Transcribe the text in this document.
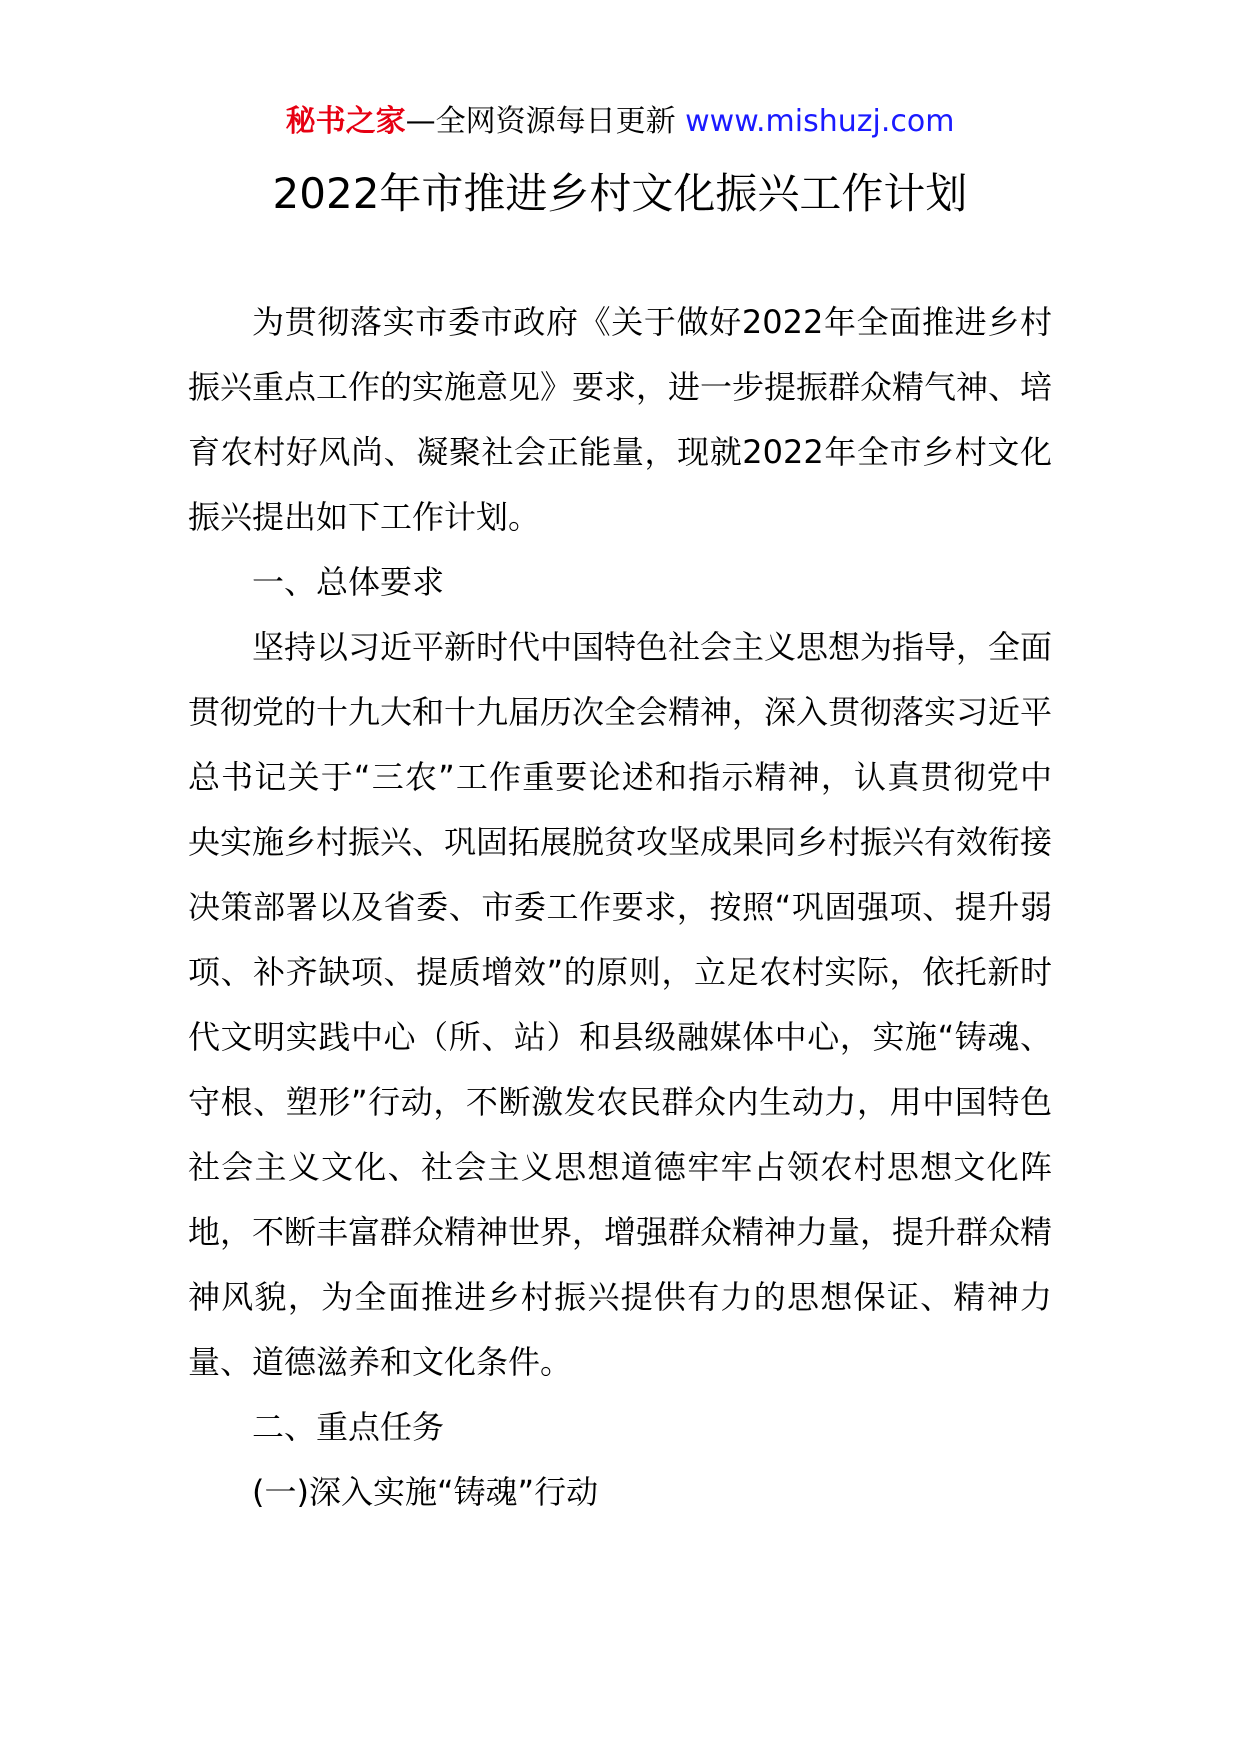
秘书之家—全网资源每日更新 www.mishuzj.com
2022年市推进乡村文化振兴工作计划

为贯彻落实市委市政府《关于做好2022年全面推进乡村振兴重点工作的实施意见》要求，进一步提振群众精气神、培育农村好风尚、凝聚社会正能量，现就2022年全市乡村文化振兴提出如下工作计划。

一、总体要求

坚持以习近平新时代中国特色社会主义思想为指导，全面贯彻党的十九大和十九届历次全会精神，深入贯彻落实习近平总书记关于“三农”工作重要论述和指示精神，认真贯彻党中央实施乡村振兴、巩固拓展脱贫攻坚成果同乡村振兴有效衔接决策部署以及省委、市委工作要求，按照“巩固强项、提升弱项、补齐缺项、提质增效”的原则，立足农村实际，依托新时代文明实践中心（所、站）和县级融媒体中心，实施“铸魂、守根、塑形”行动，不断激发农民群众内生动力，用中国特色社会主义文化、社会主义思想道德牢牢占领农村思想文化阵地，不断丰富群众精神世界，增强群众精神力量，提升群众精神风貌，为全面推进乡村振兴提供有力的思想保证、精神力量、道德滋养和文化条件。

二、重点任务

(一)深入实施“铸魂”行动
